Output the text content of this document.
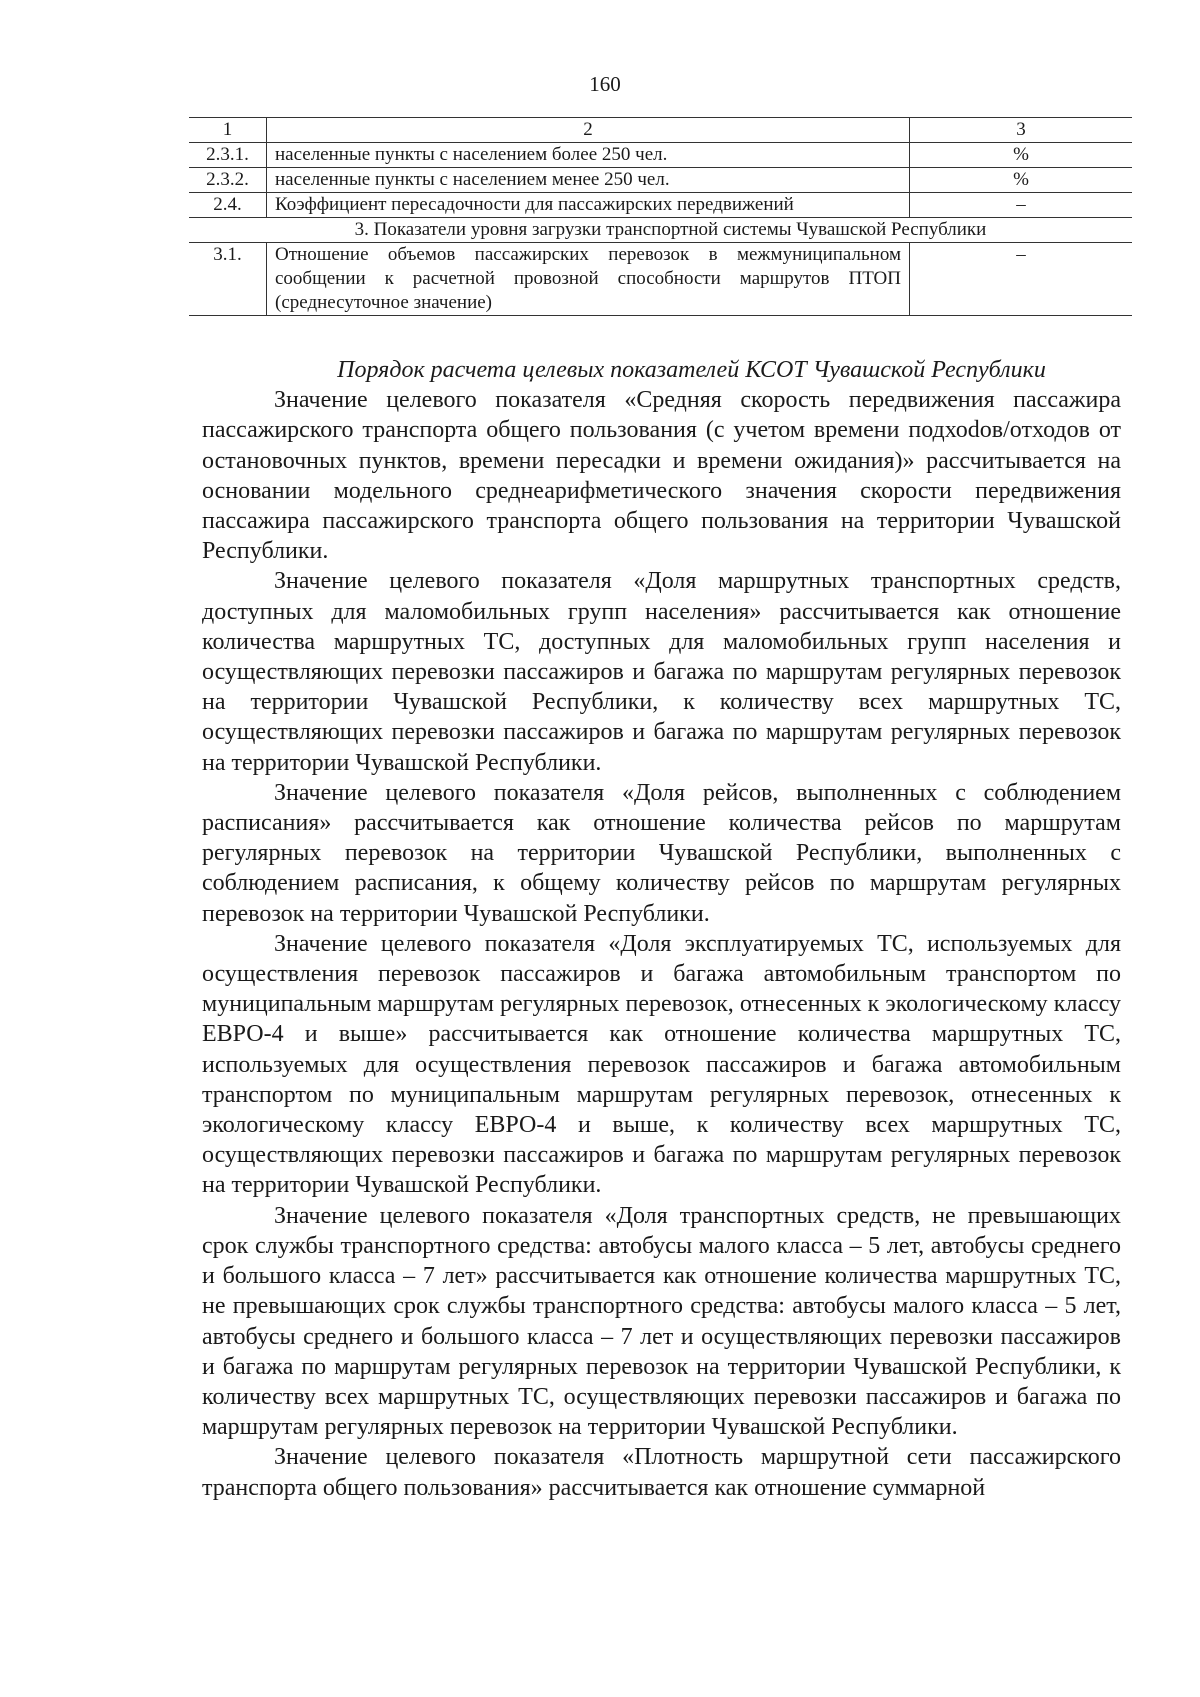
160
1	2	3
2.3.1.	населенные пункты с населением более 250 чел.	%
2.3.2.	населенные пункты с населением менее 250 чел.	%
2.4.	Коэффициент пересадочности для пассажирских передвижений	–
3. Показатели уровня загрузки транспортной системы Чувашской Республики		
3.1.	Отношение объемов пассажирских перевозок в межмуниципальном сообщении к расчетной провозной способности маршрутов ПТОП (среднесуточное значение)	–

Порядок расчета целевых показателей КСОТ Чувашской Республики

Значение целевого показателя «Средняя скорость передвижения пассажира пассажирского транспорта общего пользования (с учетом времени подхоdов/отходов от остановочных пунктов, времени пересадки и времени ожидания)» рассчитывается на основании модельного среднеарифметического значения скорости передвижения пассажира пассажирского транспорта общего пользования на территории Чувашской Республики.

Значение целевого показателя «Доля маршрутных транспортных средств, доступных для маломобильных групп населения» рассчитывается как отношение количества маршрутных ТС, доступных для маломобильных групп населения и осуществляющих перевозки пассажиров и багажа по маршрутам регулярных перевозок на территории Чувашской Республики, к количеству всех маршрутных ТС, осуществляющих перевозки пассажиров и багажа по маршрутам регулярных перевозок на территории Чувашской Республики.

Значение целевого показателя «Доля рейсов, выполненных с соблюдением расписания» рассчитывается как отношение количества рейсов по маршрутам регулярных перевозок на территории Чувашской Республики, выполненных с соблюдением расписания, к общему количеству рейсов по маршрутам регулярных перевозок на территории Чувашской Республики.

Значение целевого показателя «Доля эксплуатируемых ТС, используемых для осуществления перевозок пассажиров и багажа автомобильным транспортом по муниципальным маршрутам регулярных перевозок, отнесенных к экологическому классу ЕВРО-4 и выше» рассчитывается как отношение количества маршрутных ТС, используемых для осуществления перевозок пассажиров и багажа автомобильным транспортом по муниципальным маршрутам регулярных перевозок, отнесенных к экологическому классу ЕВРО-4 и выше, к количеству всех маршрутных ТС, осуществляющих перевозки пассажиров и багажа по маршрутам регулярных перевозок на территории Чувашской Республики.

Значение целевого показателя «Доля транспортных средств, не превышающих срок службы транспортного средства: автобусы малого класса – 5 лет, автобусы среднего и большого класса – 7 лет» рассчитывается как отношение количества маршрутных ТС, не превышающих срок службы транспортного средства: автобусы малого класса – 5 лет, автобусы среднего и большого класса – 7 лет и осуществляющих перевозки пассажиров и багажа по маршрутам регулярных перевозок на территории Чувашской Республики, к количеству всех маршрутных ТС, осуществляющих перевозки пассажиров и багажа по маршрутам регулярных перевозок на территории Чувашской Республики.

Значение целевого показателя «Плотность маршрутной сети пассажирского транспорта общего пользования» рассчитывается как отношение суммарной
